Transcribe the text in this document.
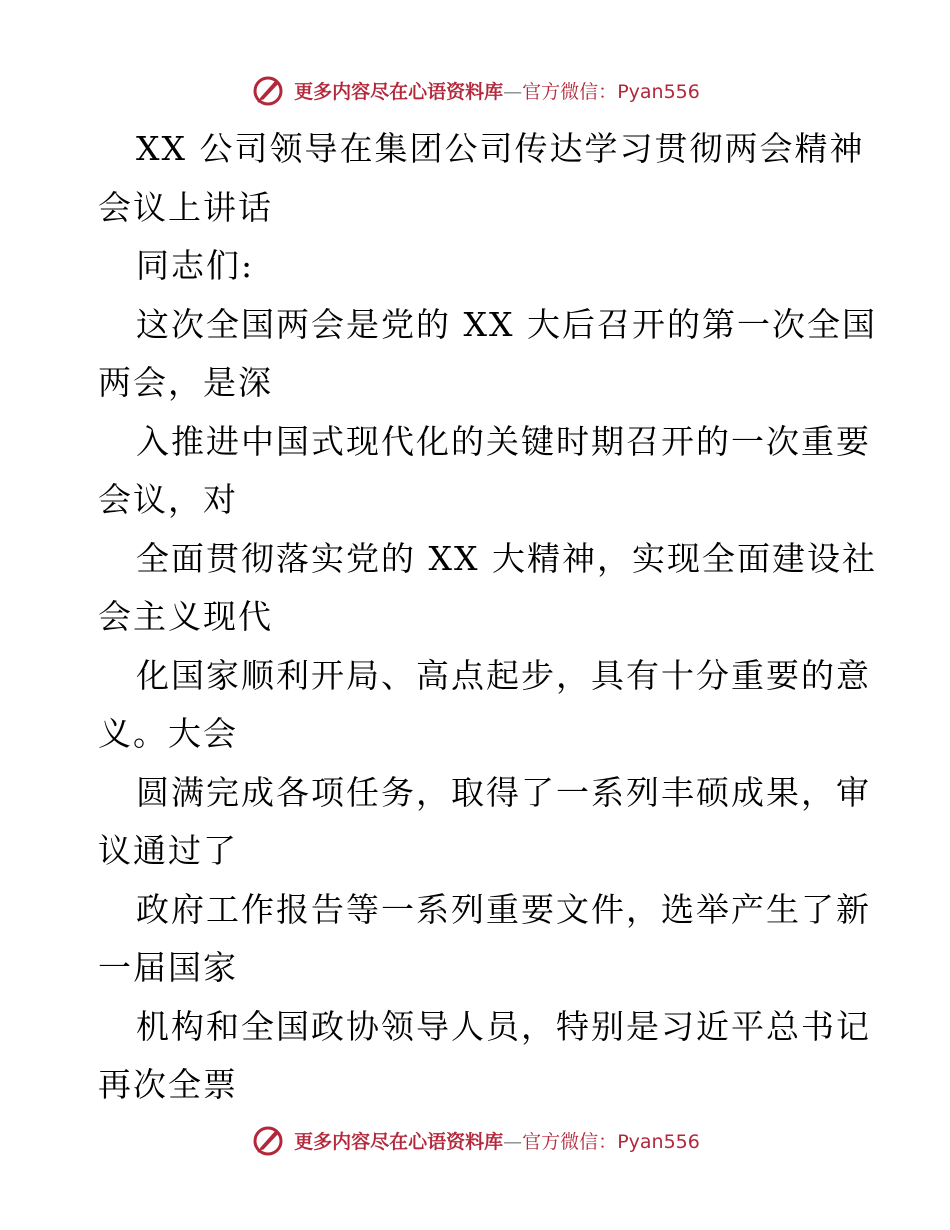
更多内容尽在心语资料库—官方微信：Pyan556
XX 公司领导在集团公司传达学习贯彻两会精神
会议上讲话
同志们:
这次全国两会是党的 XX 大后召开的第一次全国
两会，是深
入推进中国式现代化的关键时期召开的一次重要
会议，对
全面贯彻落实党的 XX 大精神，实现全面建设社
会主义现代
化国家顺利开局、高点起步，具有十分重要的意
义。大会
圆满完成各项任务，取得了一系列丰硕成果，审
议通过了
政府工作报告等一系列重要文件，选举产生了新
一届国家
机构和全国政协领导人员，特别是习近平总书记
再次全票
更多内容尽在心语资料库—官方微信：Pyan556
